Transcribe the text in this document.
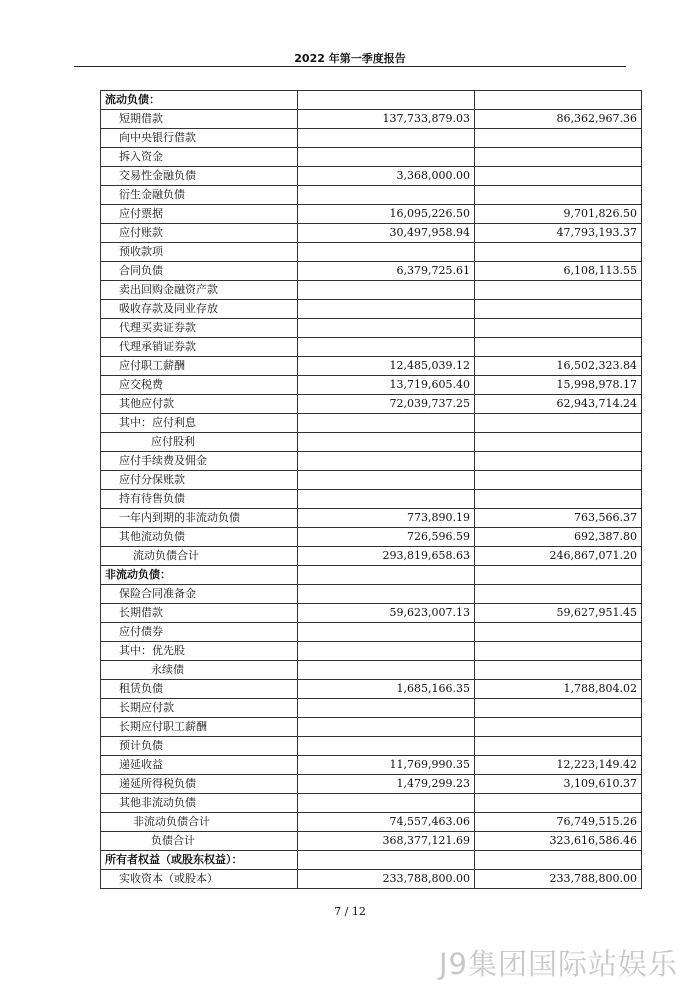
2022 年第一季度报告
流动负债：		
短期借款	137,733,879.03	86,362,967.36
向中央银行借款		
拆入资金		
交易性金融负债	3,368,000.00	
衍生金融负债		
应付票据	16,095,226.50	9,701,826.50
应付账款	30,497,958.94	47,793,193.37
预收款项		
合同负债	6,379,725.61	6,108,113.55
卖出回购金融资产款		
吸收存款及同业存放		
代理买卖证券款		
代理承销证券款		
应付职工薪酬	12,485,039.12	16,502,323.84
应交税费	13,719,605.40	15,998,978.17
其他应付款	72,039,737.25	62,943,714.24
其中：应付利息		
应付股利		
应付手续费及佣金		
应付分保账款		
持有待售负债		
一年内到期的非流动负债	773,890.19	763,566.37
其他流动负债	726,596.59	692,387.80
流动负债合计	293,819,658.63	246,867,071.20
非流动负债：		
保险合同准备金		
长期借款	59,623,007.13	59,627,951.45
应付债券		
其中：优先股		
永续债		
租赁负债	1,685,166.35	1,788,804.02
长期应付款		
长期应付职工薪酬		
预计负债		
递延收益	11,769,990.35	12,223,149.42
递延所得税负债	1,479,299.23	3,109,610.37
其他非流动负债		
非流动负债合计	74,557,463.06	76,749,515.26
负债合计	368,377,121.69	323,616,586.46
所有者权益（或股东权益）：		
实收资本（或股本）	233,788,800.00	233,788,800.00
7 / 12
J9集团国际站娱乐
